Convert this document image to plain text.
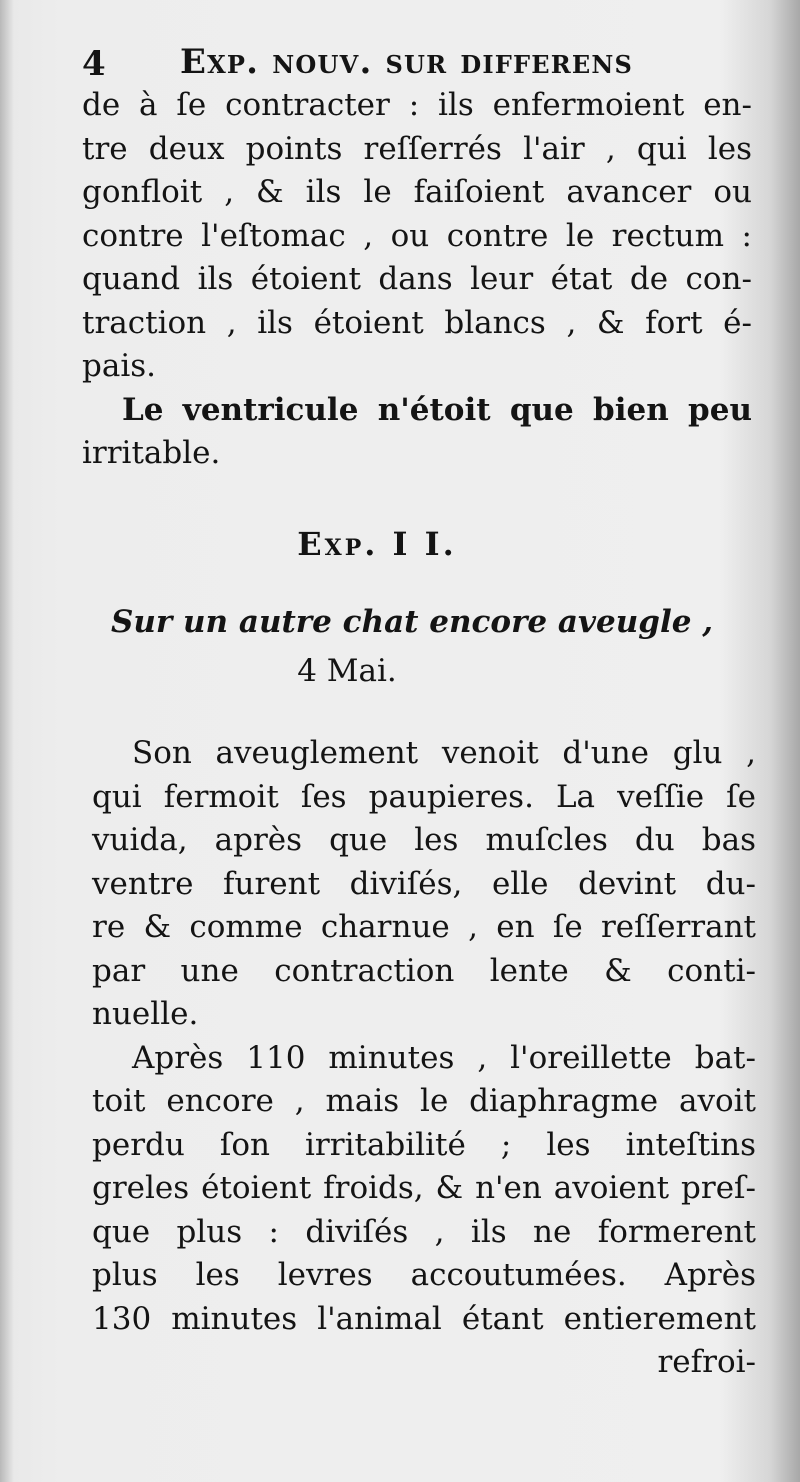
4 Exp. nouv. sur differens
de à ſe contracter : ils enfermoient en-
tre deux points reſſerrés l'air , qui les
gonfloit , & ils le faiſoient avancer ou
contre l'eſtomac , ou contre le rectum :
quand ils étoient dans leur état de con-
traction , ils étoient blancs , & fort é-
pais.
Le ventricule n'étoit que bien peu
irritable.
Exp. I I.
Sur un autre chat encore aveugle ,
4 Mai.
Son aveuglement venoit d'une glu ,
qui fermoit ſes paupieres. La veſſie ſe
vuida, après que les muſcles du bas
ventre furent diviſés, elle devint du-
re & comme charnue , en ſe reſſerrant
par une contraction lente & conti-
nuelle.
Après 110 minutes , l'oreillette bat-
toit encore , mais le diaphragme avoit
perdu ſon irritabilité ; les inteſtins
greles étoient froids, & n'en avoient preſ-
que plus : diviſés , ils ne formerent
plus les levres accoutumées. Après
130 minutes l'animal étant entierement
refroi-
